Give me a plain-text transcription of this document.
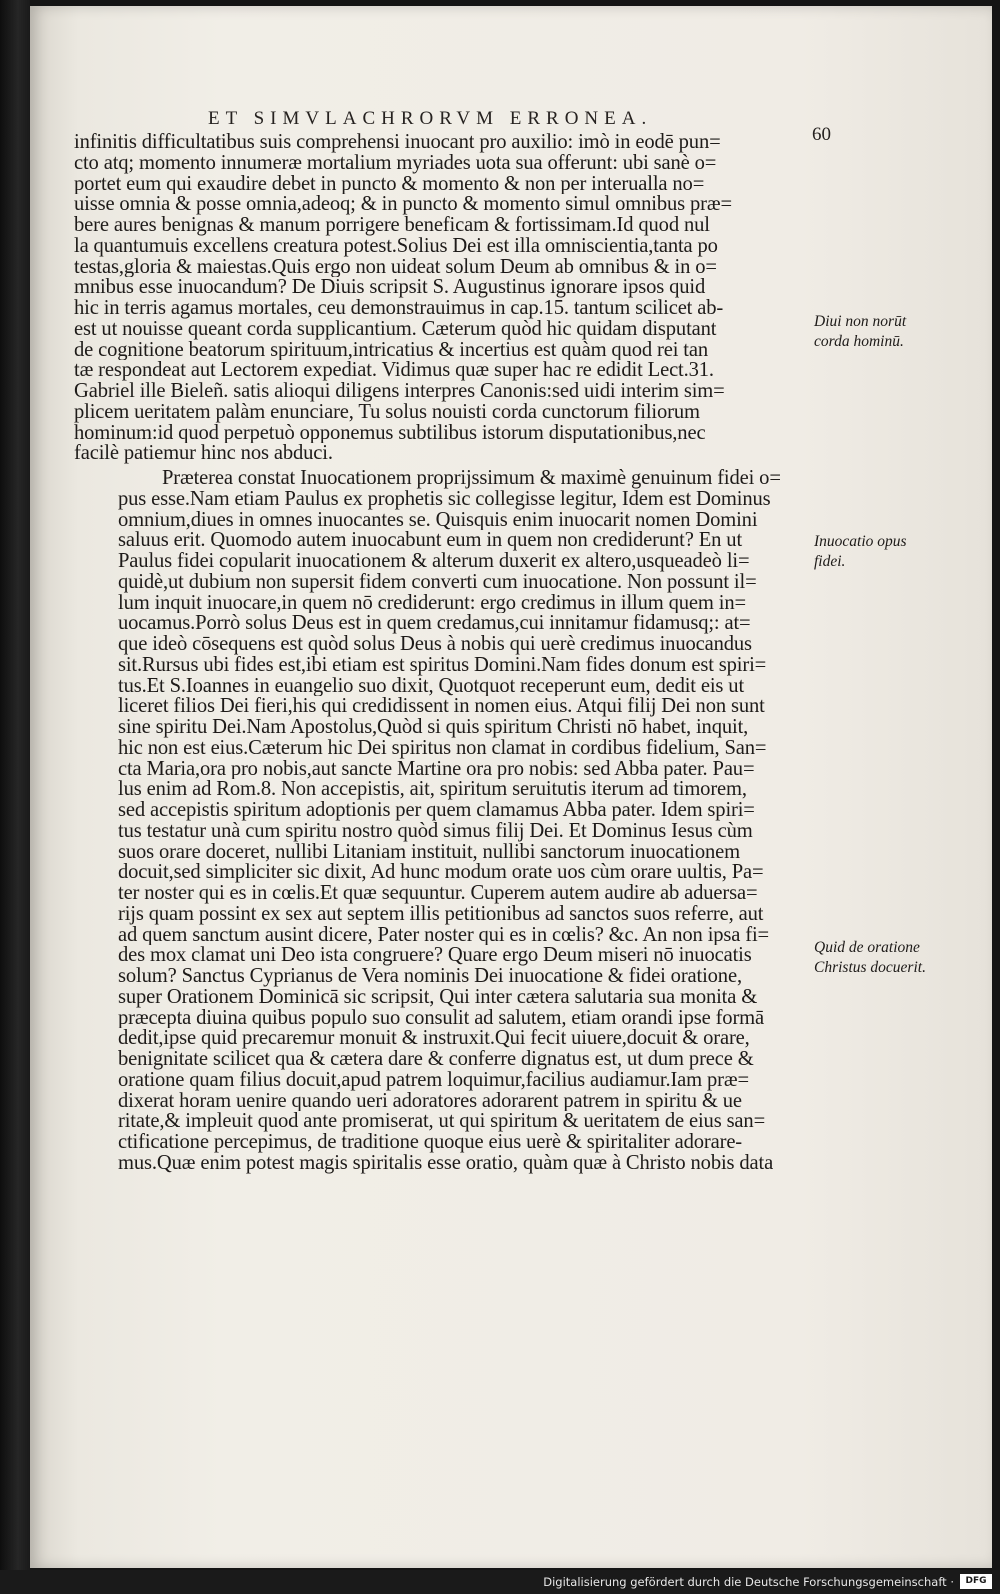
ET SIMVLACHRORVM ERRONEA.
60

infinitis difficultatibus suis comprehensi inuocant pro auxilio: imò in eodē pun=
cto atq; momento innumeræ mortalium myriades uota sua offerunt: ubi sanè o=
portet eum qui exaudire debet in puncto & momento & non per interualla no=
uisse omnia & posse omnia,adeoq; & in puncto & momento simul omnibus præ=
bere aures benignas & manum porrigere beneficam & fortissimam.Id quod nul
la quantumuis excellens creatura potest.Solius Dei est illa omniscientia,tanta po
testas,gloria & maiestas.Quis ergo non uideat solum Deum ab omnibus & in o=
mnibus esse inuocandum? De Diuis scripsit S. Augustinus ignorare ipsos quid
hic in terris agamus mortales, ceu demonstrauimus in cap.15. tantum scilicet ab-
est ut nouisse queant corda supplicantium. Cæterum quòd hic quidam disputant
de cognitione beatorum spirituum,intricatius & incertius est quàm quod rei tan
tæ respondeat aut Lectorem expediat. Vidimus quæ super hac re edidit Lect.31.
Gabriel ille Bieleñ. satis alioqui diligens interpres Canonis:sed uidi interim sim=
plicem ueritatem palàm enunciare, Tu solus nouisti corda cunctorum filiorum
hominum:id quod perpetuò opponemus subtilibus istorum disputationibus,nec
facilè patiemur hinc nos abduci.

Præterea constat Inuocationem proprijssimum & maximè genuinum fidei o=
pus esse.Nam etiam Paulus ex prophetis sic collegisse legitur, Idem est Dominus
omnium,diues in omnes inuocantes se. Quisquis enim inuocarit nomen Domini
saluus erit. Quomodo autem inuocabunt eum in quem non crediderunt? En ut
Paulus fidei copularit inuocationem & alterum duxerit ex altero,usqueadeò li=
quidè,ut dubium non supersit fidem converti cum inuocatione. Non possunt il=
lum inquit inuocare,in quem nō crediderunt: ergo credimus in illum quem in=
uocamus.Porrò solus Deus est in quem credamus,cui innitamur fidamusq;: at=
que ideò cōsequens est quòd solus Deus à nobis qui uerè credimus inuocandus
sit.Rursus ubi fides est,ibi etiam est spiritus Domini.Nam fides donum est spiri=
tus.Et S.Ioannes in euangelio suo dixit, Quotquot receperunt eum, dedit eis ut
liceret filios Dei fieri,his qui credidissent in nomen eius. Atqui filij Dei non sunt
sine spiritu Dei.Nam Apostolus,Quòd si quis spiritum Christi nō habet, inquit,
hic non est eius.Cæterum hic Dei spiritus non clamat in cordibus fidelium, San=
cta Maria,ora pro nobis,aut sancte Martine ora pro nobis: sed Abba pater. Pau=
lus enim ad Rom.8. Non accepistis, ait, spiritum seruitutis iterum ad timorem,
sed accepistis spiritum adoptionis per quem clamamus Abba pater. Idem spiri=
tus testatur unà cum spiritu nostro quòd simus filij Dei. Et Dominus Iesus cùm
suos orare doceret, nullibi Litaniam instituit, nullibi sanctorum inuocationem
docuit,sed simpliciter sic dixit, Ad hunc modum orate uos cùm orare uultis, Pa=
ter noster qui es in cœlis.Et quæ sequuntur. Cuperem autem audire ab aduersa=
rijs quam possint ex sex aut septem illis petitionibus ad sanctos suos referre, aut
ad quem sanctum ausint dicere, Pater noster qui es in cœlis? &c. An non ipsa fi=
des mox clamat uni Deo ista congruere? Quare ergo Deum miseri nō inuocatis
solum? Sanctus Cyprianus de Vera nominis Dei inuocatione & fidei oratione,
super Orationem Dominicā sic scripsit, Qui inter cætera salutaria sua monita &
præcepta diuina quibus populo suo consulit ad salutem, etiam orandi ipse formā
dedit,ipse quid precaremur monuit & instruxit.Qui fecit uiuere,docuit & orare,
benignitate scilicet qua & cætera dare & conferre dignatus est, ut dum prece &
oratione quam filius docuit,apud patrem loquimur,facilius audiamur.Iam præ=
dixerat horam uenire quando ueri adoratores adorarent patrem in spiritu & ue
ritate,& impleuit quod ante promiserat, ut qui spiritum & ueritatem de eius san=
ctificatione percepimus, de traditione quoque eius uerè & spiritaliter adorare-
mus.Quæ enim potest magis spiritalis esse oratio, quàm quæ à Christo nobis data

Diui non norūt corda hominū.
Inuocatio opus fidei.
Quid de oratione Christus docuerit.
Digitalisierung gefördert durch die Deutsche Forschungsgemeinschaft ·	DFG
